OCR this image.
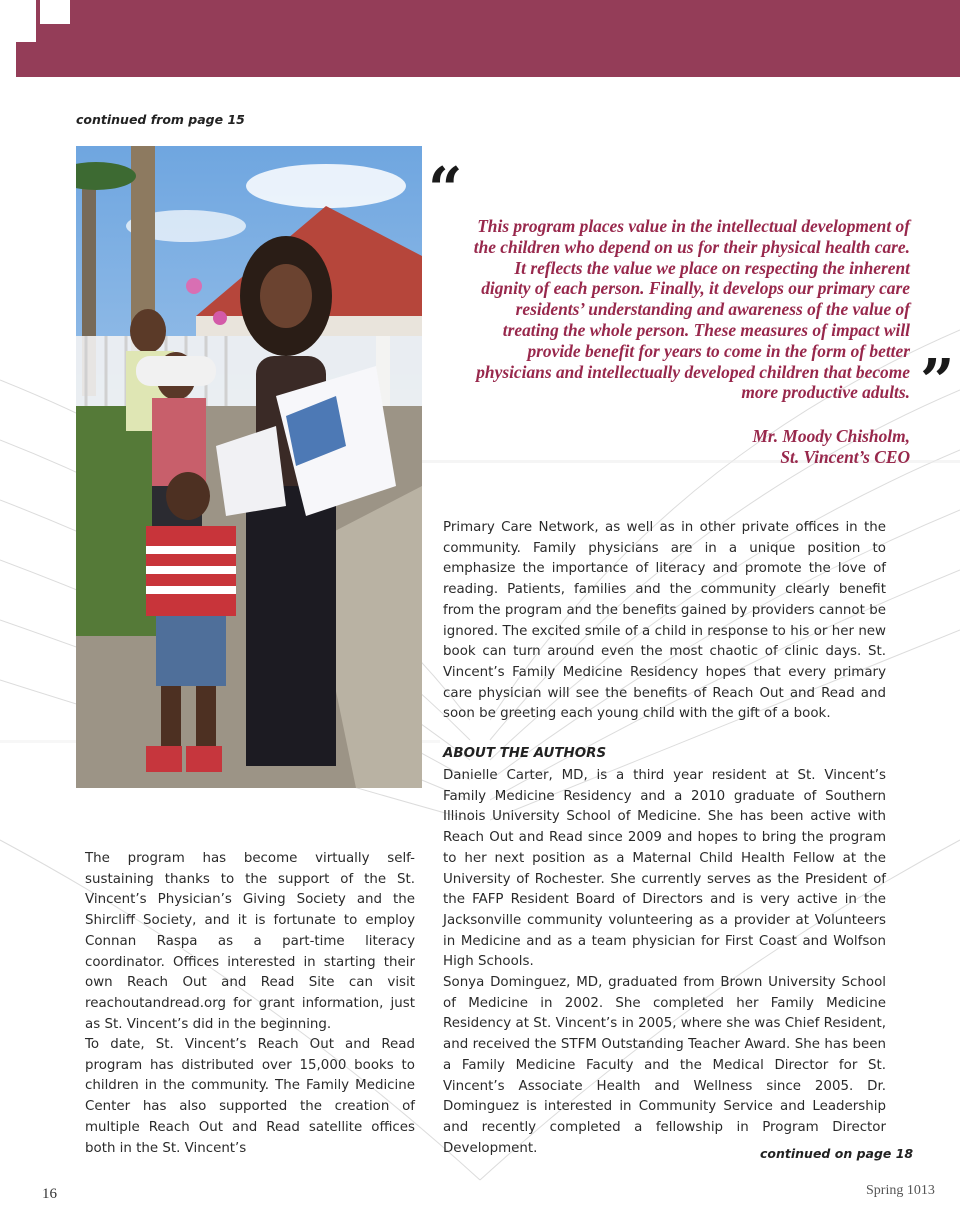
continued from page 15
“

This program places value in the intellectual development of the children who depend on us for their physical health care. It reflects the value we place on respecting the inherent dignity of each person. Finally, it develops our primary care residents’ understanding and awareness of the value of treating the whole person. These measures of impact will provide benefit for years to come in the form of better physicians and intellectually developed children that become more productive adults. ”
Mr. Moody Chisholm,
St. Vincent’s CEO

Primary Care Network, as well as in other private offices in the community. Family physicians are in a unique position to emphasize the importance of literacy and promote the love of reading. Patients, families and the community clearly benefit from the program and the benefits gained by providers cannot be ignored. The excited smile of a child in response to his or her new book can turn around even the most chaotic of clinic days. St. Vincent’s Family Medicine Residency hopes that every primary care physician will see the benefits of Reach Out and Read and soon be greeting each young child with the gift of a book.

ABOUT THE AUTHORS

Danielle Carter, MD, is a third year resident at St. Vincent’s Family Medicine Residency and a 2010 graduate of Southern Illinois University School of Medicine. She has been active with Reach Out and Read since 2009 and hopes to bring the program to her next position as a Maternal Child Health Fellow at the University of Rochester. She currently serves as the President of the FAFP Resident Board of Directors and is very active in the Jacksonville community volunteering as a provider at Volunteers in Medicine and as a team physician for First Coast and Wolfson High Schools.

Sonya Dominguez, MD, graduated from Brown University School of Medicine in 2002. She completed her Family Medicine Residency at St. Vincent’s in 2005, where she was Chief Resident, and received the STFM Outstanding Teacher Award. She has been a Family Medicine Faculty and the Medical Director for St. Vincent’s Associate Health and Wellness since 2005. Dr. Dominguez is interested in Community Service and Leadership and recently completed a fellowship in Program Director Development.

The program has become virtually self-sustaining thanks to the support of the St. Vincent’s Physician’s Giving Society and the Shircliff Society, and it is fortunate to employ Connan Raspa as a part-time literacy coordinator. Offices interested in starting their own Reach Out and Read Site can visit reachoutandread.org for grant information, just as St. Vincent’s did in the beginning.

To date, St. Vincent’s Reach Out and Read program has distributed over 15,000 books to children in the community. The Family Medicine Center has also supported the creation of multiple Reach Out and Read satellite offices both in the St. Vincent’s	continued on page 18
16	Spring 1013
